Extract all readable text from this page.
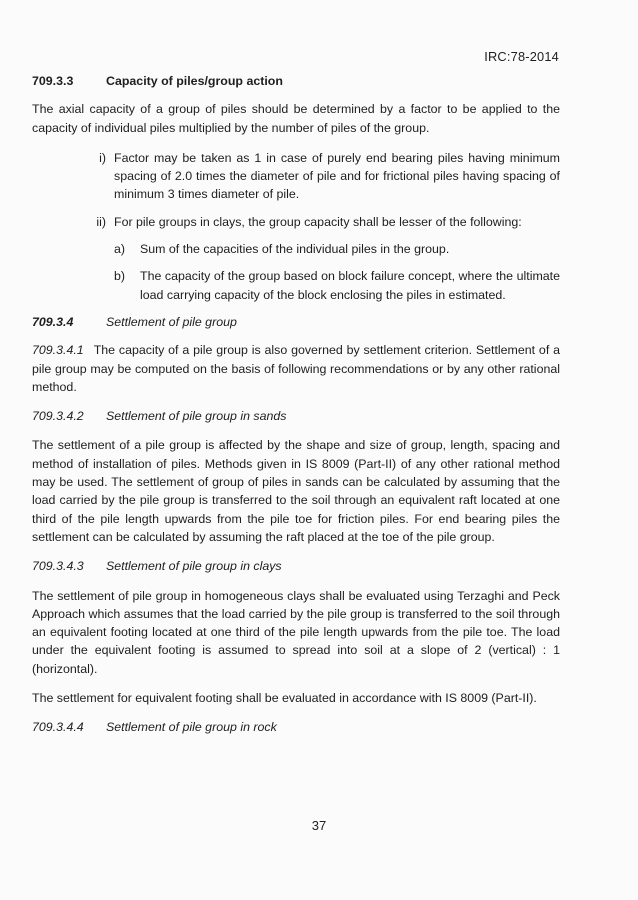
IRC:78-2014
709.3.3	Capacity of piles/group action

The axial capacity of a group of piles should be determined by a factor to be applied to the capacity of individual piles multiplied by the number of piles of the group.

i) Factor may be taken as 1 in case of purely end bearing piles having minimum spacing of 2.0 times the diameter of pile and for frictional piles having spacing of minimum 3 times diameter of pile.
ii) For pile groups in clays, the group capacity shall be lesser of the following:
a)	Sum of the capacities of the individual piles in the group.
b)	The capacity of the group based on block failure concept, where the ultimate load carrying capacity of the block enclosing the piles in estimated.
709.3.4	Settlement of pile group

709.3.4.1 The capacity of a pile group is also governed by settlement criterion. Settlement of a pile group may be computed on the basis of following recommendations or by any other rational method.

709.3.4.2	Settlement of pile group in sands

The settlement of a pile group is affected by the shape and size of group, length, spacing and method of installation of piles. Methods given in IS 8009 (Part-II) of any other rational method may be used. The settlement of group of piles in sands can be calculated by assuming that the load carried by the pile group is transferred to the soil through an equivalent raft located at one third of the pile length upwards from the pile toe for friction piles. For end bearing piles the settlement can be calculated by assuming the raft placed at the toe of the pile group.

709.3.4.3	Settlement of pile group in clays

The settlement of pile group in homogeneous clays shall be evaluated using Terzaghi and Peck Approach which assumes that the load carried by the pile group is transferred to the soil through an equivalent footing located at one third of the pile length upwards from the pile toe. The load under the equivalent footing is assumed to spread into soil at a slope of 2 (vertical) : 1 (horizontal).

The settlement for equivalent footing shall be evaluated in accordance with IS 8009 (Part-II).

709.3.4.4	Settlement of pile group in rock
37
